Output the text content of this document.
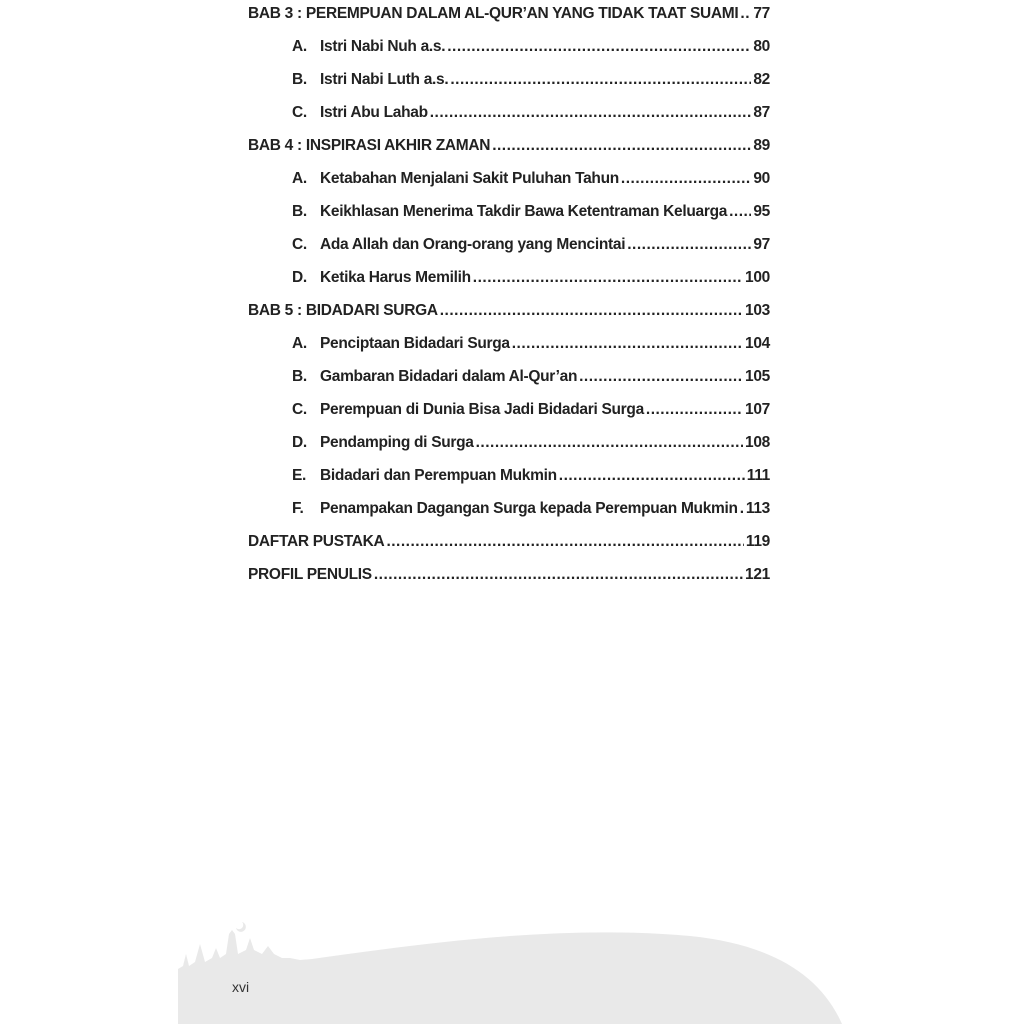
BAB 3 : PEREMPUAN DALAM AL-QUR’AN YANG TIDAK TAAT SUAMI ..... 77
A. Istri Nabi Nuh a.s. .....	80
B. Istri Nabi Luth a.s. .....	82
C. Istri Abu Lahab .....	87
BAB 4 : INSPIRASI AKHIR ZAMAN .....	89
A. Ketabahan Menjalani Sakit Puluhan Tahun .....	90
B. Keikhlasan Menerima Takdir Bawa Ketentraman Keluarga ..... 95
C. Ada Allah dan Orang-orang yang Mencintai .....	97
D. Ketika Harus Memilih .....	100
BAB 5 : BIDADARI SURGA .....	103
A. Penciptaan Bidadari Surga .....	104
B. Gambaran Bidadari dalam Al-Qur’an .....	105
C. Perempuan di Dunia Bisa Jadi Bidadari Surga .....	107
D. Pendamping di Surga .....	108
E. Bidadari dan Perempuan Mukmin .....	111
F.	Penampakan Dagangan Surga kepada Perempuan Mukmin ..... 113
DAFTAR PUSTAKA .....	119
PROFIL PENULIS .....	121
xvi
